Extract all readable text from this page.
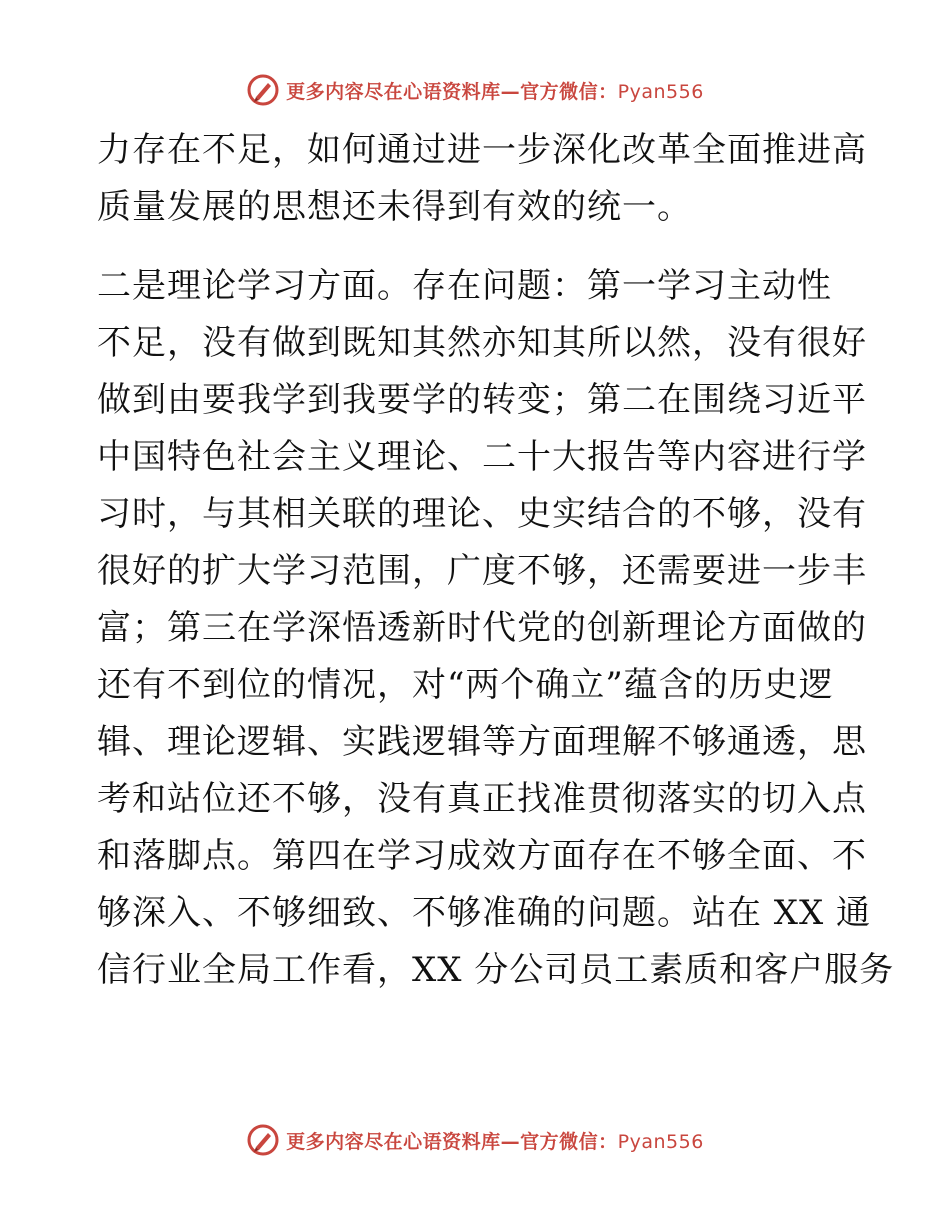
更多内容尽在心语资料库—官方微信：Pyan556

力存在不足，如何通过进一步深化改革全面推进高
质量发展的思想还未得到有效的统一。

二是理论学习方面。存在问题：第一学习主动性
不足，没有做到既知其然亦知其所以然，没有很好
做到由要我学到我要学的转变；第二在围绕习近平
中国特色社会主义理论、二十大报告等内容进行学
习时，与其相关联的理论、史实结合的不够，没有
很好的扩大学习范围，广度不够，还需要进一步丰
富；第三在学深悟透新时代党的创新理论方面做的
还有不到位的情况，对“两个确立”蕴含的历史逻
辑、理论逻辑、实践逻辑等方面理解不够通透，思
考和站位还不够，没有真正找准贯彻落实的切入点
和落脚点。第四在学习成效方面存在不够全面、不
够深入、不够细致、不够准确的问题。站在 XX 通
信行业全局工作看，XX 分公司员工素质和客户服务

更多内容尽在心语资料库—官方微信：Pyan556
